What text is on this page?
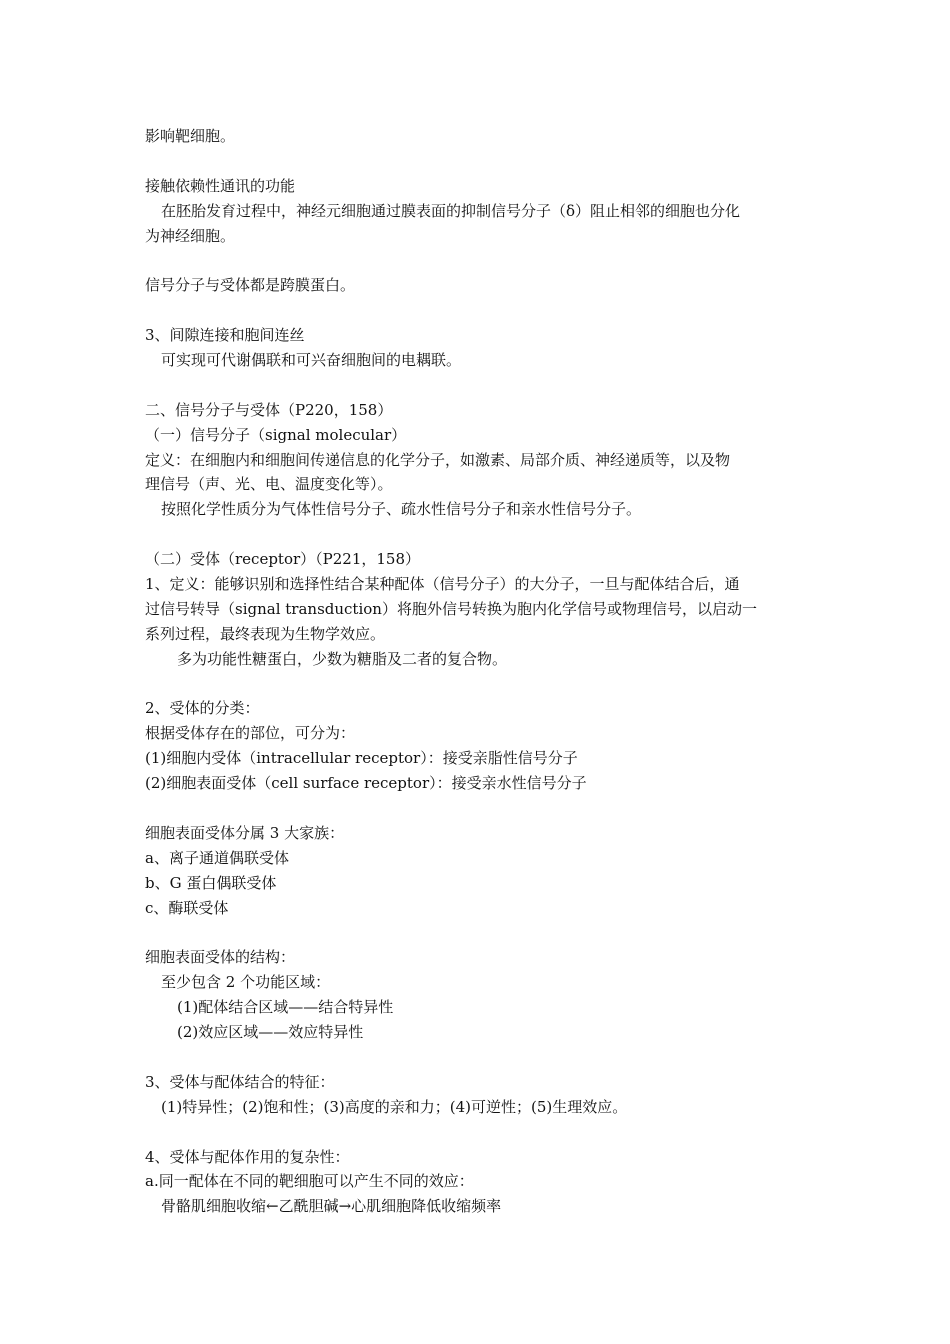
影响靶细胞。
接触依赖性通讯的功能
在胚胎发育过程中，神经元细胞通过膜表面的抑制信号分子（δ）阻止相邻的细胞也分化
为神经细胞。
信号分子与受体都是跨膜蛋白。
3、间隙连接和胞间连丝
可实现可代谢偶联和可兴奋细胞间的电耦联。
二、信号分子与受体（P220，158）
（一）信号分子（signal molecular）
定义：在细胞内和细胞间传递信息的化学分子，如激素、局部介质、神经递质等，以及物
理信号（声、光、电、温度变化等）。
按照化学性质分为气体性信号分子、疏水性信号分子和亲水性信号分子。
（二）受体（receptor）（P221，158）
1、定义：能够识别和选择性结合某种配体（信号分子）的大分子，一旦与配体结合后，通
过信号转导（signal transduction）将胞外信号转换为胞内化学信号或物理信号，以启动一
系列过程，最终表现为生物学效应。
多为功能性糖蛋白，少数为糖脂及二者的复合物。
2、受体的分类：
根据受体存在的部位，可分为：
(1)细胞内受体（intracellular receptor）：接受亲脂性信号分子
(2)细胞表面受体（cell surface receptor）：接受亲水性信号分子
细胞表面受体分属 3 大家族：
a、离子通道偶联受体
b、G 蛋白偶联受体
c、酶联受体
细胞表面受体的结构：
至少包含 2 个功能区域：
(1)配体结合区域——结合特异性
(2)效应区域——效应特异性
3、受体与配体结合的特征：
(1)特异性；(2)饱和性；(3)高度的亲和力；(4)可逆性；(5)生理效应。
4、受体与配体作用的复杂性：
a.同一配体在不同的靶细胞可以产生不同的效应：
骨骼肌细胞收缩←乙酰胆碱→心肌细胞降低收缩频率
